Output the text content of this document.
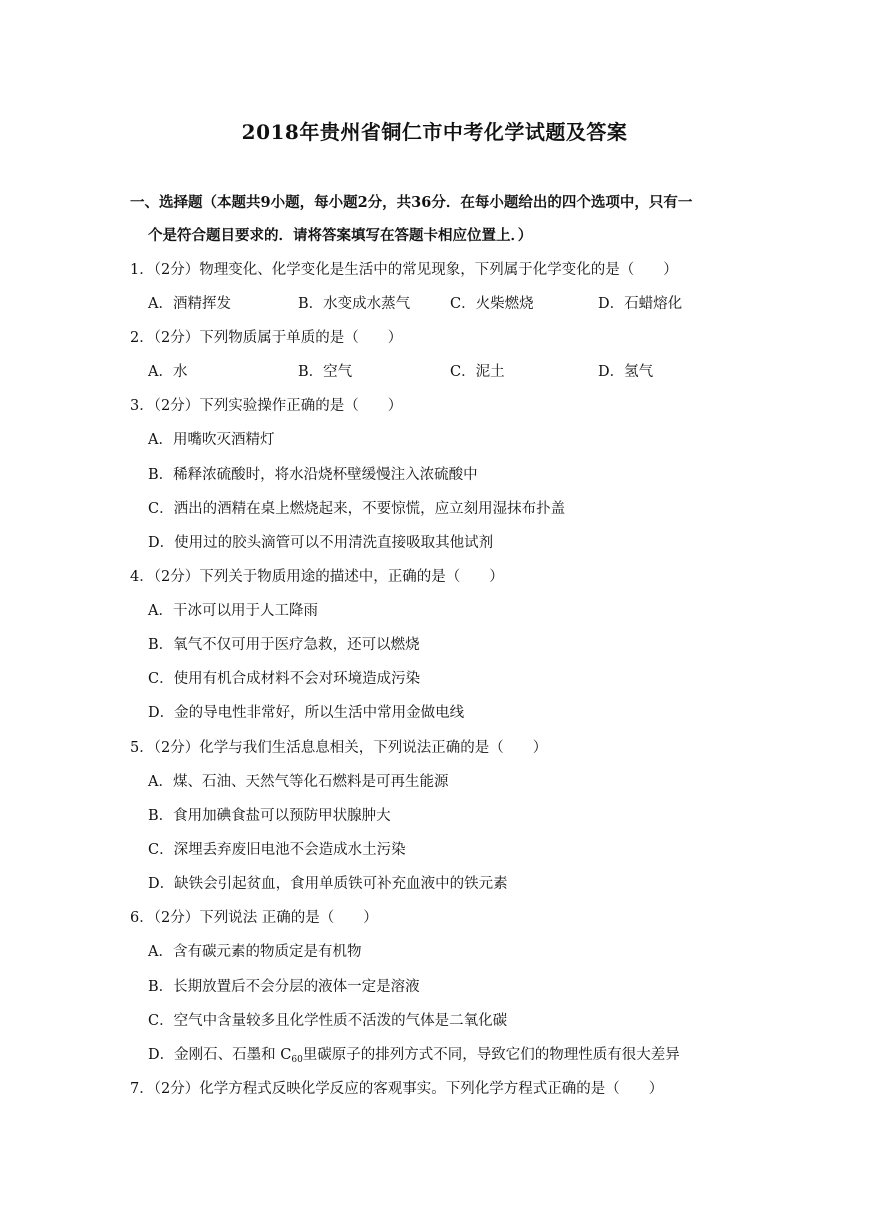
2018年贵州省铜仁市中考化学试题及答案
一、选择题（本题共9小题，每小题2分，共36分．在每小题给出的四个选项中，只有一
个是符合题目要求的．请将答案填写在答题卡相应位置上．）
1．（2分）物理变化、化学变化是生活中的常见现象，下列属于化学变化的是（　　）
A．酒精挥发	B．水变成水蒸气	C．火柴燃烧	D．石蜡熔化
2．（2分）下列物质属于单质的是（　　）
A．水	B．空气	C．泥土	D．氢气
3．（2分）下列实验操作正确的是（　　）
A．用嘴吹灭酒精灯
B．稀释浓硫酸时，将水沿烧杯壁缓慢注入浓硫酸中
C．洒出的酒精在桌上燃烧起来，不要惊慌，应立刻用湿抹布扑盖
D．使用过的胶头滴管可以不用清洗直接吸取其他试剂
4．（2分）下列关于物质用途的描述中，正确的是（　　）
A．干冰可以用于人工降雨
B．氧气不仅可用于医疗急救，还可以燃烧
C．使用有机合成材料不会对环境造成污染
D．金的导电性非常好，所以生活中常用金做电线
5．（2分）化学与我们生活息息相关，下列说法正确的是（　　）
A．煤、石油、天然气等化石燃料是可再生能源
B．食用加碘食盐可以预防甲状腺肿大
C．深埋丢弃废旧电池不会造成水土污染
D．缺铁会引起贫血，食用单质铁可补充血液中的铁元素
6．（2分）下列说法 正确的是（　　）
A．含有碳元素的物质定是有机物
B．长期放置后不会分层的液体一定是溶液
C．空气中含量较多且化学性质不活泼的气体是二氧化碳
D．金刚石、石墨和 $C_{60}$里碳原子的排列方式不同，导致它们的物理性质有很大差异
7．（2分）化学方程式反映化学反应的客观事实。下列化学方程式正确的是（　　）
